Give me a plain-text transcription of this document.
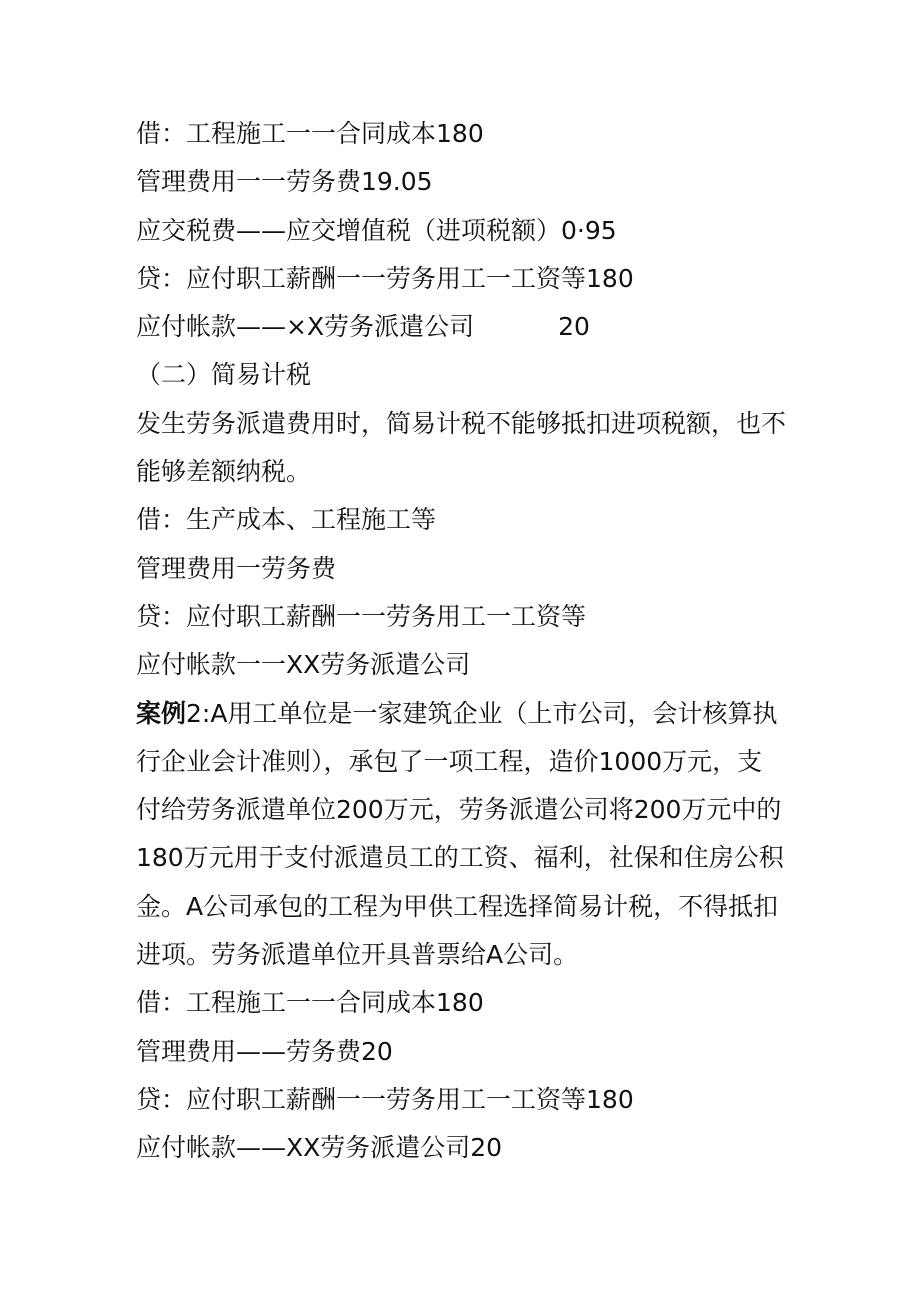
借：工程施工一一合同成本180
管理费用一一劳务费19.05
应交税费——应交增值税（进项税额）0·95
贷：应付职工薪酬一一劳务用工一工资等180
应付帐款——×X劳务派遣公司	20
（二）简易计税
发生劳务派遣费用时，简易计税不能够抵扣进项税额，也不能够差额纳税。
借：生产成本、工程施工等
管理费用一劳务费
贷：应付职工薪酬一一劳务用工一工资等
应付帐款一一XX劳务派遣公司
案例2:A用工单位是一家建筑企业（上市公司，会计核算执行企业会计准则），承包了一项工程，造价1000万元，支付给劳务派遣单位200万元，劳务派遣公司将200万元中的180万元用于支付派遣员工的工资、福利，社保和住房公积金。A公司承包的工程为甲供工程选择简易计税，不得抵扣进项。劳务派遣单位开具普票给A公司。
借：工程施工一一合同成本180
管理费用——劳务费20
贷：应付职工薪酬一一劳务用工一工资等180
应付帐款——XX劳务派遣公司20
